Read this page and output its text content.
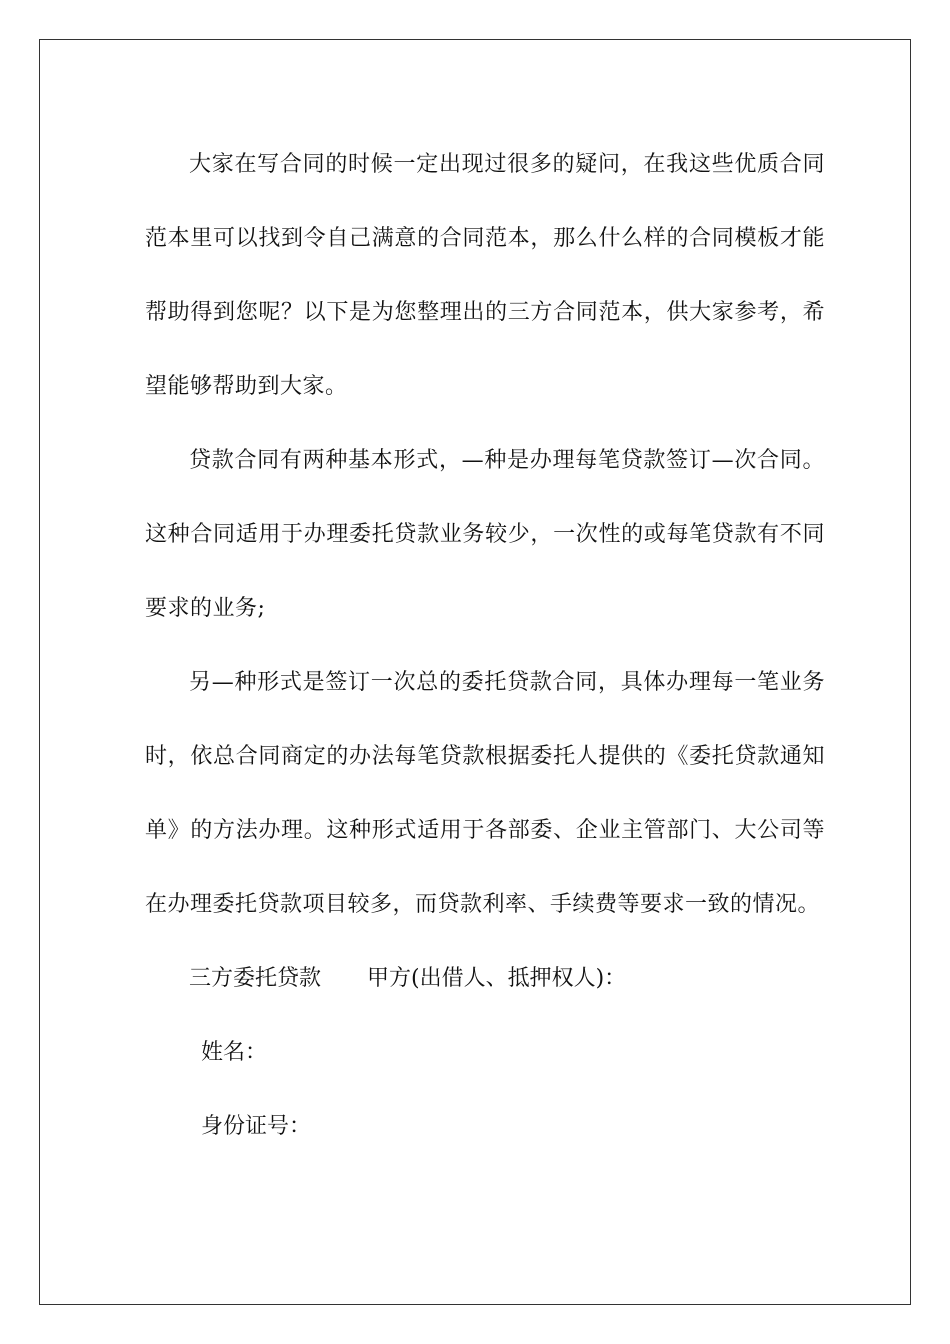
大家在写合同的时候一定出现过很多的疑问，在我这些优质合同范本里可以找到令自己满意的合同范本，那么什么样的合同模板才能帮助得到您呢？以下是为您整理出的三方合同范本，供大家参考，希望能够帮助到大家。

贷款合同有两种基本形式，—种是办理每笔贷款签订—次合同。这种合同适用于办理委托贷款业务较少，一次性的或每笔贷款有不同要求的业务;

另—种形式是签订一次总的委托贷款合同，具体办理每一笔业务时，依总合同商定的办法每笔贷款根据委托人提供的《委托贷款通知单》的方法办理。这种形式适用于各部委、企业主管部门、大公司等在办理委托贷款项目较多，而贷款利率、手续费等要求一致的情况。

三方委托贷款 甲方(出借人、抵押权人)：

姓名：

身份证号：
